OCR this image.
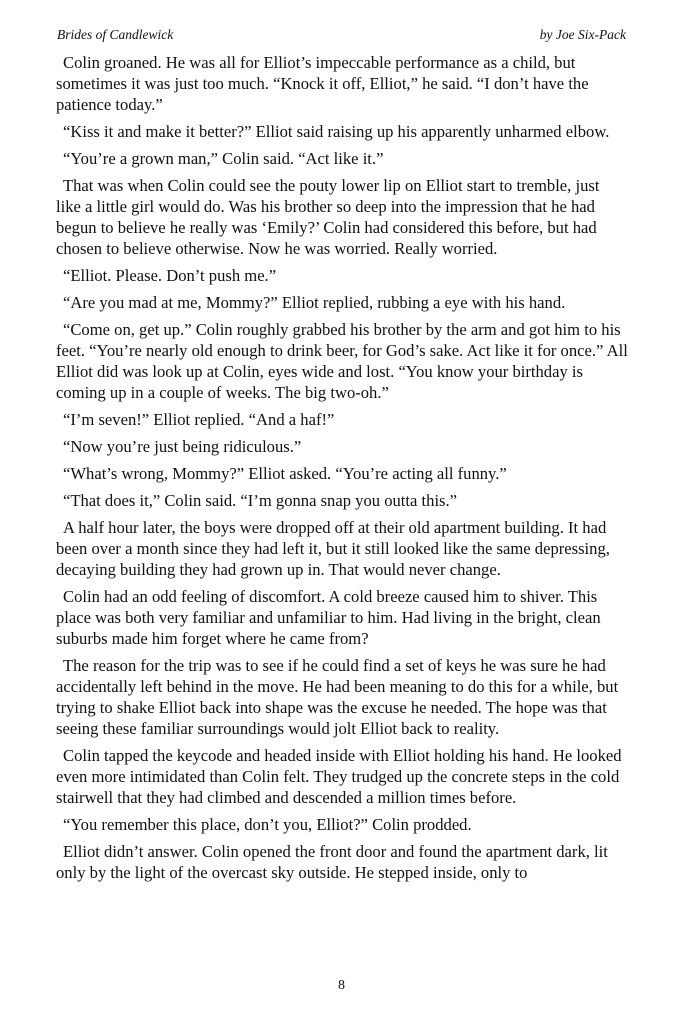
Brides of Candlewick	by Joe Six-Pack

Colin groaned. He was all for Elliot’s impeccable performance as a child, but sometimes it was just too much. “Knock it off, Elliot,” he said. “I don’t have the patience today.”

“Kiss it and make it better?” Elliot said raising up his apparently unharmed elbow.

“You’re a grown man,” Colin said. “Act like it.”

That was when Colin could see the pouty lower lip on Elliot start to tremble, just like a little girl would do. Was his brother so deep into the impression that he had begun to believe he really was ‘Emily?’ Colin had considered this before, but had chosen to believe otherwise. Now he was worried. Really worried.

“Elliot. Please. Don’t push me.”

“Are you mad at me, Mommy?” Elliot replied, rubbing a eye with his hand.

“Come on, get up.” Colin roughly grabbed his brother by the arm and got him to his feet. “You’re nearly old enough to drink beer, for God’s sake. Act like it for once.” All Elliot did was look up at Colin, eyes wide and lost. “You know your birthday is coming up in a couple of weeks. The big two-oh.”

“I’m seven!” Elliot replied. “And a haf!”

“Now you’re just being ridiculous.”

“What’s wrong, Mommy?” Elliot asked. “You’re acting all funny.”

“That does it,” Colin said. “I’m gonna snap you outta this.”

A half hour later, the boys were dropped off at their old apartment building. It had been over a month since they had left it, but it still looked like the same depressing, decaying building they had grown up in. That would never change.

Colin had an odd feeling of discomfort. A cold breeze caused him to shiver. This place was both very familiar and unfamiliar to him. Had living in the bright, clean suburbs made him forget where he came from?

The reason for the trip was to see if he could find a set of keys he was sure he had accidentally left behind in the move. He had been meaning to do this for a while, but trying to shake Elliot back into shape was the excuse he needed. The hope was that seeing these familiar surroundings would jolt Elliot back to reality.

Colin tapped the keycode and headed inside with Elliot holding his hand. He looked even more intimidated than Colin felt. They trudged up the concrete steps in the cold stairwell that they had climbed and descended a million times before.

“You remember this place, don’t you, Elliot?” Colin prodded.

Elliot didn’t answer. Colin opened the front door and found the apartment dark, lit only by the light of the overcast sky outside. He stepped inside, only to

8
